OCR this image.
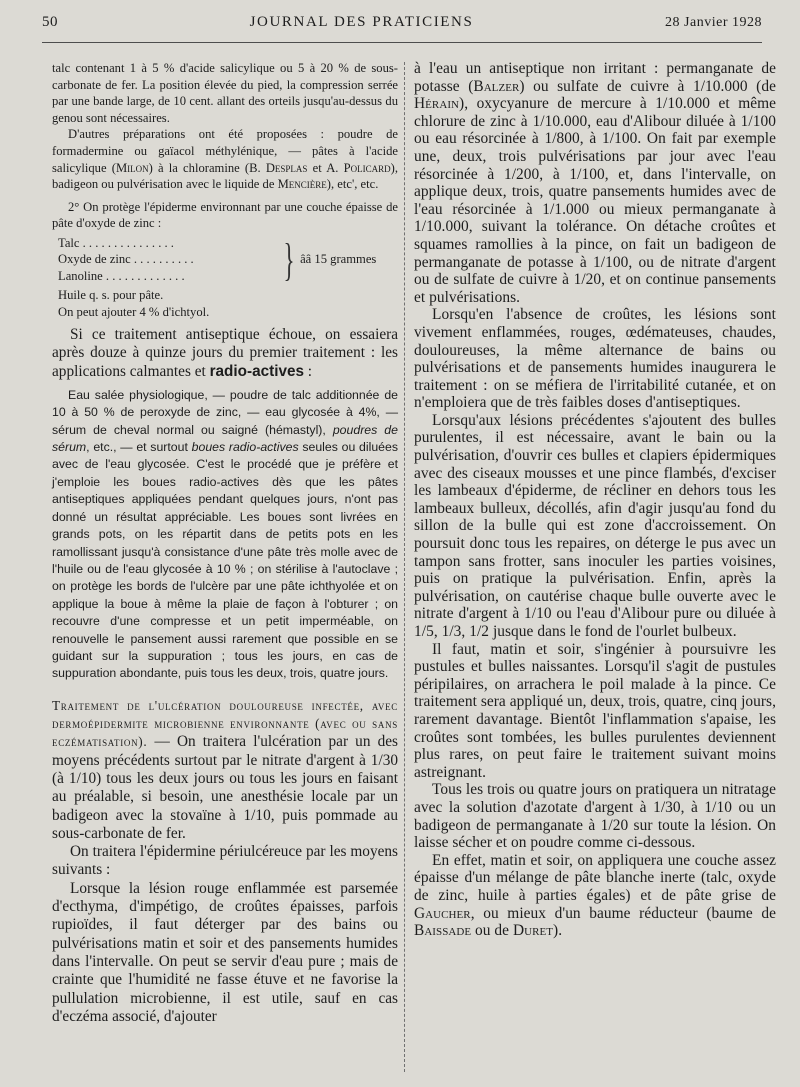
50	JOURNAL DES PRATICIENS	28 Janvier 1928

talc contenant 1 à 5 % d'acide salicylique ou 5 à 20 % de sous-carbonate de fer. La position élevée du pied, la compression serrée par une bande large, de 10 cent. allant des orteils jusqu'au-dessus du genou sont nécessaires.

D'autres préparations ont été proposées : poudre de formadermine ou gaïacol méthylénique, — pâtes à l'acide salicylique (Milon) à la chloramine (B. Desplas et A. Policard), badigeon ou pulvérisation avec le liquide de Mencière), etc', etc.

2° On protège l'épiderme environnant par une couche épaisse de pâte d'oxyde de zinc :

Talc . . . . . . . . . . . . . . .
Oxyde de zinc . . . . . . . . . .
Lanoline . . . . . . . . . . . . .	} ââ 15 grammes
Huile q. s. pour pâte.
On peut ajouter 4 % d'ichtyol.

Si ce traitement antiseptique échoue, on essaiera après douze à quinze jours du premier traitement : les applications calmantes et radio-actives :

Eau salée physiologique, — poudre de talc additionnée de 10 à 50 % de peroxyde de zinc, — eau glycosée à 4%, — sérum de cheval normal ou saigné (hémastyl), poudres de sérum, etc., — et surtout boues radio-actives seules ou diluées avec de l'eau glycosée. C'est le procédé que je préfère et j'emploie les boues radio-actives dès que les pâtes antiseptiques appliquées pendant quelques jours, n'ont pas donné un résultat appréciable. Les boues sont livrées en grands pots, on les répartit dans de petits pots en les ramollissant jusqu'à consistance d'une pâte très molle avec de l'huile ou de l'eau glycosée à 10 % ; on stérilise à l'autoclave ; on protège les bords de l'ulcère par une pâte ichthyolée et on applique la boue à même la plaie de façon à l'obturer ; on recouvre d'une compresse et un petit imperméable, on renouvelle le pansement aussi rarement que possible en se guidant sur la suppuration ; tous les jours, en cas de suppuration abondante, puis tous les deux, trois, quatre jours.

Traitement de l'ulcération douloureuse infectée, avec dermoépidermite microbienne environnante (avec ou sans eczématisation). — On traitera l'ulcération par un des moyens précédents surtout par le nitrate d'argent à 1/30 (à 1/10) tous les deux jours ou tous les jours en faisant au préalable, si besoin, une anesthésie locale par un badigeon avec la stovaïne à 1/10, puis pommade au sous-carbonate de fer.

On traitera l'épidermine périulcéreuce par les moyens suivants :

Lorsque la lésion rouge enflammée est parsemée d'ecthyma, d'impétigo, de croûtes épaisses, parfois rupioïdes, il faut déterger par des bains ou pulvérisations matin et soir et des pansements humides dans l'intervalle. On peut se servir d'eau pure ; mais de crainte que l'humidité ne fasse étuve et ne favorise la pullulation microbienne, il est utile, sauf en cas d'eczéma associé, d'ajouter

à l'eau un antiseptique non irritant : permanganate de potasse (Balzer) ou sulfate de cuivre à 1/10.000 (de Hérain), oxycyanure de mercure à 1/10.000 et même chlorure de zinc à 1/10.000, eau d'Alibour diluée à 1/100 ou eau résorcinée à 1/800, à 1/100. On fait par exemple une, deux, trois pulvérisations par jour avec l'eau résorcinée à 1/200, à 1/100, et, dans l'intervalle, on applique deux, trois, quatre pansements humides avec de l'eau résorcinée à 1/1.000 ou mieux permanganate à 1/10.000, suivant la tolérance. On détache croûtes et squames ramollies à la pince, on fait un badigeon de permanganate de potasse à 1/100, ou de nitrate d'argent ou de sulfate de cuivre à 1/20, et on continue pansements et pulvérisations.

Lorsqu'en l'absence de croûtes, les lésions sont vivement enflammées, rouges, œdémateuses, chaudes, douloureuses, la même alternance de bains ou pulvérisations et de pansements humides inaugurera le traitement : on se méfiera de l'irritabilité cutanée, et on n'emploiera que de très faibles doses d'antiseptiques.

Lorsqu'aux lésions précédentes s'ajoutent des bulles purulentes, il est nécessaire, avant le bain ou la pulvérisation, d'ouvrir ces bulles et clapiers épidermiques avec des ciseaux mousses et une pince flambés, d'exciser les lambeaux d'épiderme, de récliner en dehors tous les lambeaux bulleux, décollés, afin d'agir jusqu'au fond du sillon de la bulle qui est zone d'accroissement. On poursuit donc tous les repaires, on déterge le pus avec un tampon sans frotter, sans inoculer les parties voisines, puis on pratique la pulvérisation. Enfin, après la pulvérisation, on cautérise chaque bulle ouverte avec le nitrate d'argent à 1/10 ou l'eau d'Alibour pure ou diluée à 1/5, 1/3, 1/2 jusque dans le fond de l'ourlet bulbeux.

Il faut, matin et soir, s'ingénier à poursuivre les pustules et bulles naissantes. Lorsqu'il s'agit de pustules péripilaires, on arrachera le poil malade à la pince. Ce traitement sera appliqué un, deux, trois, quatre, cinq jours, rarement davantage. Bientôt l'inflammation s'apaise, les croûtes sont tombées, les bulles purulentes deviennent plus rares, on peut faire le traitement suivant moins astreignant.

Tous les trois ou quatre jours on pratiquera un nitratage avec la solution d'azotate d'argent à 1/30, à 1/10 ou un badigeon de permanganate à 1/20 sur toute la lésion. On laisse sécher et on poudre comme ci-dessous.

En effet, matin et soir, on appliquera une couche assez épaisse d'un mélange de pâte blanche inerte (talc, oxyde de zinc, huile à parties égales) et de pâte grise de Gaucher, ou mieux d'un baume réducteur (baume de Baissade ou de Duret).
